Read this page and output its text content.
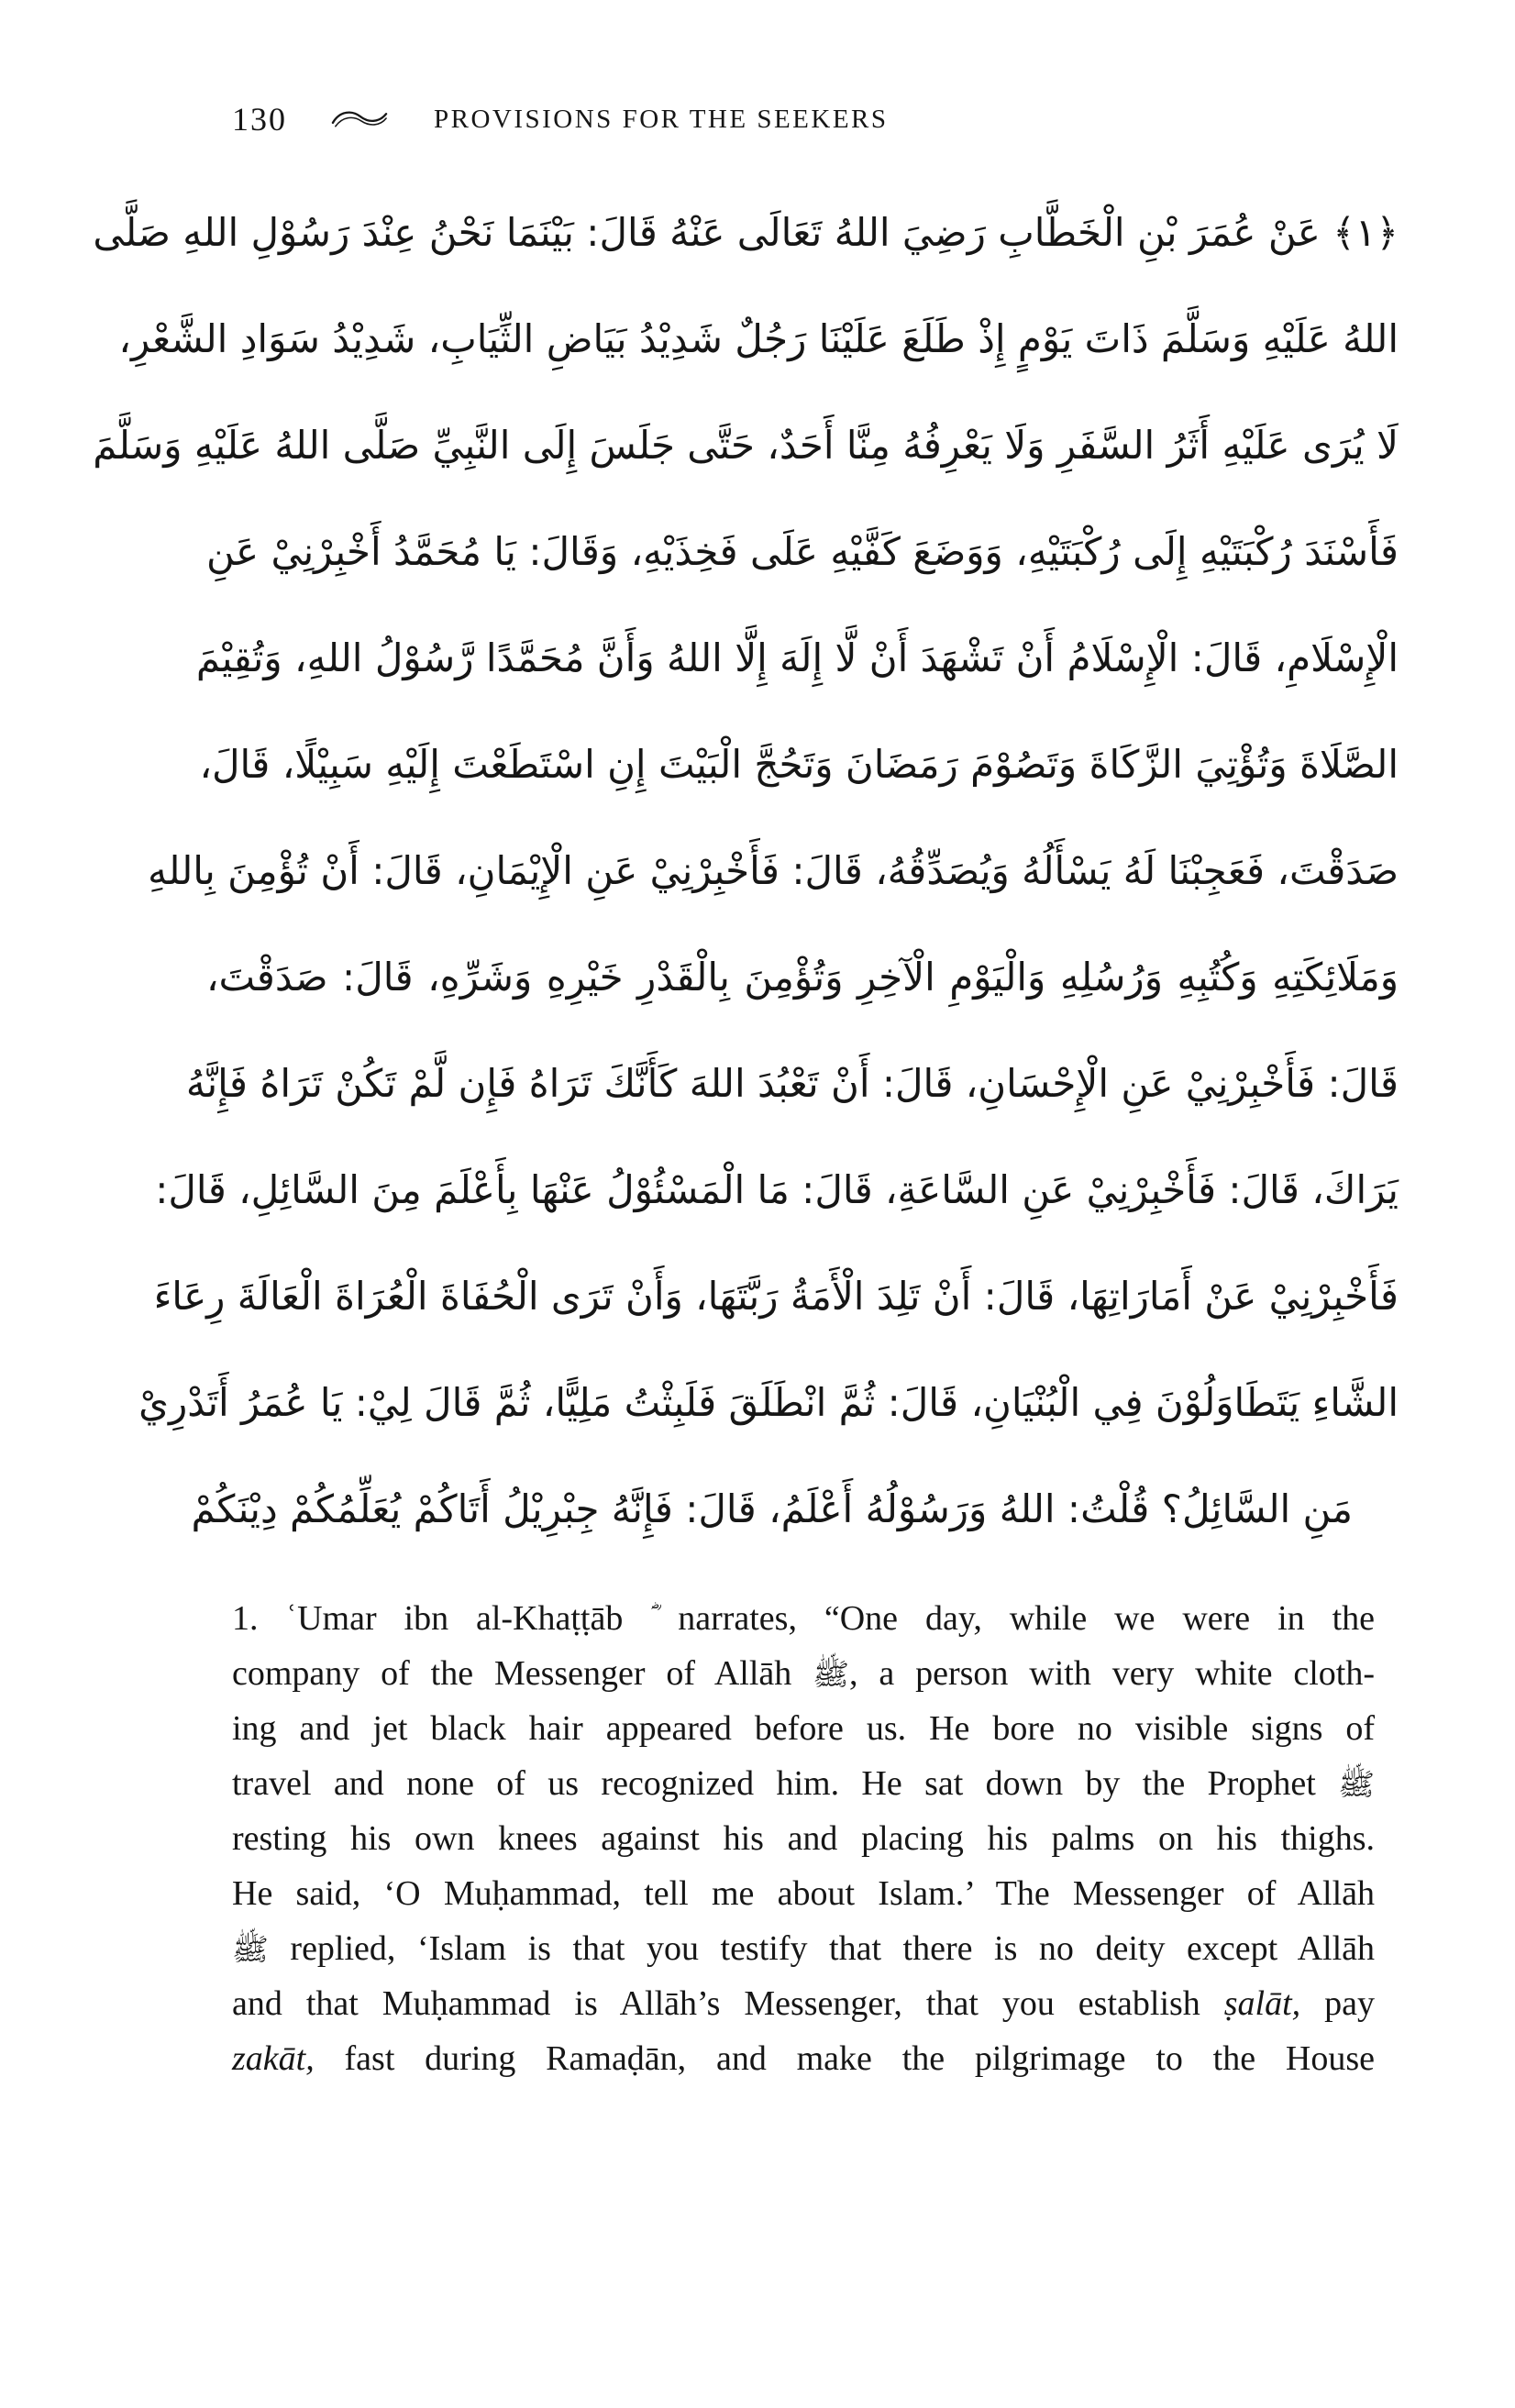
130	PROVISIONS FOR THE SEEKERS
﴿١﴾ عَنْ عُمَرَ بْنِ الْخَطَّابِ رَضِيَ اللهُ تَعَالَى عَنْهُ قَالَ: بَيْنَمَا نَحْنُ عِنْدَ رَسُوْلِ اللهِ صَلَّى
اللهُ عَلَيْهِ وَسَلَّمَ ذَاتَ يَوْمٍ إِذْ طَلَعَ عَلَيْنَا رَجُلٌ شَدِيْدُ بَيَاضِ الثِّيَابِ، شَدِيْدُ سَوَادِ الشَّعْرِ،
لَا يُرَى عَلَيْهِ أَثَرُ السَّفَرِ وَلَا يَعْرِفُهُ مِنَّا أَحَدٌ، حَتَّى جَلَسَ إِلَى النَّبِيِّ صَلَّى اللهُ عَلَيْهِ وَسَلَّمَ
فَأَسْنَدَ رُكْبَتَيْهِ إِلَى رُكْبَتَيْهِ، وَوَضَعَ كَفَّيْهِ عَلَى فَخِذَيْهِ، وَقَالَ: يَا مُحَمَّدُ أَخْبِرْنِيْ عَنِ
الْإِسْلَامِ، قَالَ: الْإِسْلَامُ أَنْ تَشْهَدَ أَنْ لَّا إِلَهَ إِلَّا اللهُ وَأَنَّ مُحَمَّدًا رَّسُوْلُ اللهِ، وَتُقِيْمَ
الصَّلَاةَ وَتُؤْتِيَ الزَّكَاةَ وَتَصُوْمَ رَمَضَانَ وَتَحُجَّ الْبَيْتَ إِنِ اسْتَطَعْتَ إِلَيْهِ سَبِيْلًا، قَالَ،
صَدَقْتَ، فَعَجِبْنَا لَهُ يَسْأَلُهُ وَيُصَدِّقُهُ، قَالَ: فَأَخْبِرْنِيْ عَنِ الْإِيْمَانِ، قَالَ: أَنْ تُؤْمِنَ بِاللهِ
وَمَلَائِكَتِهِ وَكُتُبِهِ وَرُسُلِهِ وَالْيَوْمِ الْآخِرِ وَتُؤْمِنَ بِالْقَدْرِ خَيْرِهِ وَشَرِّهِ، قَالَ: صَدَقْتَ،
قَالَ: فَأَخْبِرْنِيْ عَنِ الْإِحْسَانِ، قَالَ: أَنْ تَعْبُدَ اللهَ كَأَنَّكَ تَرَاهُ فَإِن لَّمْ تَكُنْ تَرَاهُ فَإِنَّهُ
يَرَاكَ، قَالَ: فَأَخْبِرْنِيْ عَنِ السَّاعَةِ، قَالَ: مَا الْمَسْئُوْلُ عَنْهَا بِأَعْلَمَ مِنَ السَّائِلِ، قَالَ:
فَأَخْبِرْنِيْ عَنْ أَمَارَاتِهَا، قَالَ: أَنْ تَلِدَ الْأَمَةُ رَبَّتَهَا، وَأَنْ تَرَى الْحُفَاةَ الْعُرَاةَ الْعَالَةَ رِعَاءَ
الشَّاءِ يَتَطَاوَلُوْنَ فِي الْبُنْيَانِ، قَالَ: ثُمَّ انْطَلَقَ فَلَبِثْتُ مَلِيًّا، ثُمَّ قَالَ لِيْ: يَا عُمَرُ أَتَدْرِيْ
مَنِ السَّائِلُ؟ قُلْتُ: اللهُ وَرَسُوْلُهُ أَعْلَمُ، قَالَ: فَإِنَّهُ جِبْرِيْلُ أَتَاكُمْ يُعَلِّمُكُمْ دِيْنَكُمْ
1. ʿUmar ibn al-Khaṭṭāb narrates, “One day, while we were in the
company of the Messenger of Allāh ﷺ, a person with very white cloth-
ing and jet black hair appeared before us. He bore no visible signs of
travel and none of us recognized him. He sat down by the Prophet ﷺ
resting his own knees against his and placing his palms on his thighs.
He said, ‘O Muḥammad, tell me about Islam.’ The Messenger of Allāh
ﷺ replied, ‘Islam is that you testify that there is no deity except Allāh
and that Muḥammad is Allāh’s Messenger, that you establish ṣalāt, pay
zakāt, fast during Ramaḍān, and make the pilgrimage to the House
